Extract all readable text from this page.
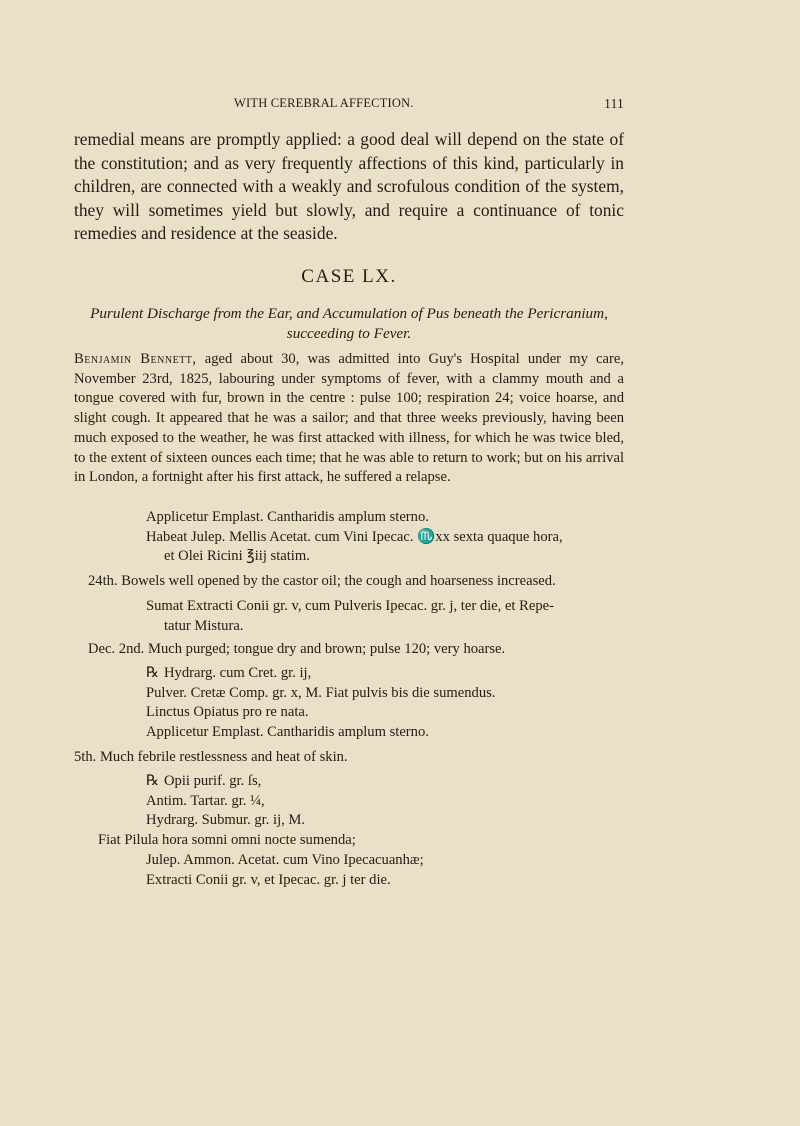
WITH CEREBRAL AFFECTION.	111

remedial means are promptly applied: a good deal will depend on the state of the constitution; and as very frequently affections of this kind, particularly in children, are connected with a weakly and scrofulous condition of the system, they will sometimes yield but slowly, and require a continuance of tonic remedies and residence at the seaside.

CASE LX.
Purulent Discharge from the Ear, and Accumulation of Pus beneath the Pericranium,
succeeding to Fever.

Benjamin Bennett, aged about 30, was admitted into Guy's Hospital under my care, November 23rd, 1825, labouring under symptoms of fever, with a clammy mouth and a tongue covered with fur, brown in the centre : pulse 100; respiration 24; voice hoarse, and slight cough. It appeared that he was a sailor; and that three weeks previously, having been much exposed to the weather, he was first attacked with illness, for which he was twice bled, to the extent of sixteen ounces each time; that he was able to return to work; but on his arrival in London, a fortnight after his first attack, he suffered a relapse.

Applicetur Emplast. Cantharidis amplum sterno.
Habeat Julep. Mellis Acetat. cum Vini Ipecac. ♏xx sexta quaque hora,
et Olei Ricini ℥iij statim.
24th. Bowels well opened by the castor oil; the cough and hoarseness increased.
Sumat Extracti Conii gr. v, cum Pulveris Ipecac. gr. j, ter die, et Repe-
tatur Mistura.
Dec. 2nd. Much purged; tongue dry and brown; pulse 120; very hoarse.
℞ Hydrarg. cum Cret. gr. ij,
Pulver. Cretæ Comp. gr. x, M. Fiat pulvis bis die sumendus.
Linctus Opiatus pro re nata.
Applicetur Emplast. Cantharidis amplum sterno.
5th. Much febrile restlessness and heat of skin.
℞ Opii purif. gr. ſs,
Antim. Tartar. gr. ¼,
Hydrarg. Submur. gr. ij, M.
Fiat Pilula hora somni omni nocte sumenda;
Julep. Ammon. Acetat. cum Vino Ipecacuanhæ;
Extracti Conii gr. v, et Ipecac. gr. j ter die.
